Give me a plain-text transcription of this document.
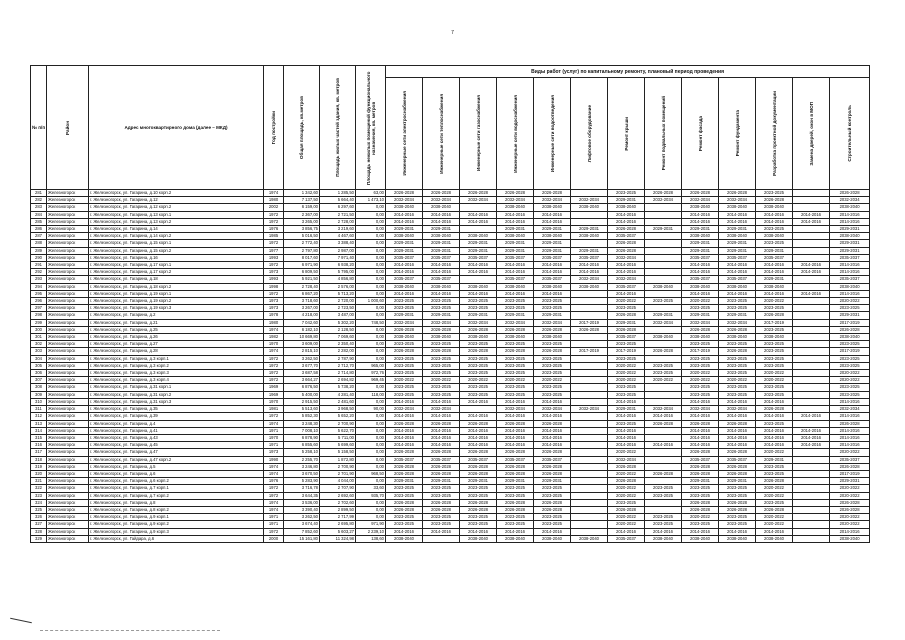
7
№ п/п	Район	Адрес многоквартирного дома (далее – МКД)	Год постройки	Общая площадь, кв.метров	Площадь жилых частей здания, кв. метров	Площадь нежилых помещений функционального назначения, кв. метров	Виды работ (услуг) по капитальному ремонту, плановый период проведения												

							Инженерные сети электроснабжения	Инженерные сети теплоснабжения	Инженерные сети газоснабжения	Инженерные сети водоснабжения	Инженерные сети водоотведения	Лифтовое оборудование	Ремонт крыши	Ремонт подвальных помещений	Ремонт фасада	Ремонт фундамента	Разработка проектной документации	Замена дверей, окон в МОП	Строительный контроль

281	Железногорск	г. Железногорск, ул. Гагарина, д.10 корп.2	1974	1 342,60	1 285,50	63,00	2026-2028	2026-2028	2026-2028	2026-2028	2026-2028		2023-2025	2026-2028	2026-2028	2026-2028	2023-2025		2026-2028
282	Железногорск	г. Железногорск, ул. Гагарина, д.12	1980	7 137,50	5 664,40	1 473,10	2032-2034	2032-2034	2032-2034	2032-2034	2032-2034	2032-2034	2029-2031	2032-2034	2032-2034	2032-2034	2026-2028		2032-2034
283	Железногорск	г. Железногорск, ул. Гагарина, д.12 корп.2	2002	6 159,00	6 297,60	0,00	2038-2040	2038-2040		2038-2040	2038-2040	2038-2040	2038-2040		2038-2040	2038-2040	2038-2040		2038-2040
284	Железногорск	г. Железногорск, ул. Гагарина, д.13 корп.1	1972	2 367,00	2 721,50	0,00	2014-2016	2014-2016	2014-2016	2014-2016	2014-2016		2014-2016		2014-2016	2014-2016	2014-2016	2014-2016	2014-2016
285	Железногорск	г. Железногорск, ул. Гагарина, д.13 корп.2	1972	3 265,00	2 728,00	0,00	2014-2016	2014-2016	2014-2016	2014-2016	2014-2016		2014-2016		2014-2016	2014-2016	2014-2016	2014-2016	2014-2016
286	Железногорск	г. Железногорск, ул. Гагарина, д.14	1976	3 856,75	3 219,60	0,00	2029-2031	2029-2031		2029-2031	2029-2031	2029-2031	2026-2028	2029-2031	2029-2031	2029-2031	2023-2025		2029-2031
287	Железногорск	г. Железногорск, ул. Гагарина, д.14 корп.2	1985	5 016,50	4 467,60	0,00	2038-2040	2038-2040	2038-2040	2038-2040	2038-2040	2038-2040	2035-2037		2038-2040	2038-2040	2038-2040		2038-2040
288	Железногорск	г. Железногорск, ул. Гагарина, д.15 корп.1	1972	2 772,40	3 388,40	0,00	2029-2031	2029-2031	2029-2031	2029-2031	2029-2031		2026-2028		2029-2031	2029-2031	2023-2025		2029-2031
289	Железногорск	г. Железногорск, ул. Гагарина, д.15 корп.2	1977	2 797,80	2 987,00	0,00	2029-2031	2029-2031	2029-2031	2029-2031	2029-2031	2029-2031	2026-2028		2029-2031	2029-2031	2029-2031		2029-2031
290	Железногорск	г. Железногорск, ул. Гагарина, д.16	1993	8 017,60	7 971,40	0,00	2035-2037	2035-2037	2035-2037	2035-2037	2035-2037	2035-2037	2032-2034		2035-2037	2035-2037	2035-2037		2035-2037
291	Железногорск	г. Железногорск, ул. Гагарина, д.17 корп.1	1972	6 971,90	6 938,20	0,00	2014-2016	2014-2016	2014-2016	2014-2016	2014-2016	2014-2016	2014-2016		2014-2016	2014-2016	2014-2016	2014-2016	2014-2016
292	Железногорск	г. Железногорск, ул. Гагарина, д.17 корп.2	1973	6 809,50	5 795,00	0,00	2014-2016	2014-2016	2014-2016	2014-2016	2014-2016	2014-2016	2014-2016		2014-2016	2014-2016	2014-2016	2014-2016	2014-2016
293	Железногорск	г. Железногорск, ул. Гагарина, д.18	1993	5 921,50	4 856,80	0,00	2035-2037	2035-2037		2035-2037	2035-2037	2032-2034	2032-2034		2035-2037	2035-2037	2029-2031		2035-2037
294	Железногорск	г. Железногорск, ул. Гагарина, д.18 корп.2	1998	2 728,40	2 576,00	0,00	2038-2040	2038-2040	2038-2040	2038-2040	2038-2040	2038-2040	2035-2037	2038-2040	2038-2040	2038-2040	2038-2040		2038-2040
295	Железногорск	г. Железногорск, ул. Гагарина, д.19 корп.1	1972	6 867,20	5 713,20	0,00	2014-2016	2014-2016	2014-2016	2014-2016	2014-2016		2014-2016		2014-2016	2014-2016	2014-2016	2014-2016	2014-2016
296	Железногорск	г. Железногорск, ул. Гагарина, д.19 корп.2	1973	3 718,60	2 720,00	1 000,60	2023-2025	2023-2025	2023-2025	2023-2025	2023-2025		2020-2022	2023-2025	2020-2022	2023-2025	2020-2022		2020-2022
297	Железногорск	г. Железногорск, ул. Гагарина, д.19 корп.3	1973	3 267,00	2 723,50	0,00	2023-2025	2023-2025	2023-2025	2023-2025	2023-2025		2023-2025		2023-2025	2023-2025	2023-2025		2023-2025
298	Железногорск	г. Железногорск, ул. Гагарина, д.2	1978	4 218,00	3 487,00	0,00	2029-2031	2029-2031	2029-2031	2029-2031	2029-2031		2026-2028	2029-2031	2029-2031	2029-2031	2026-2028		2029-2031
299	Железногорск	г. Железногорск, ул. Гагарина, д.21	1980	7 042,60	5 302,20	748,50	2032-2034	2032-2034	2032-2034	2032-2034	2032-2034	2017-2019	2029-2031	2032-2034	2032-2034	2032-2034	2017-2019		2017-2019
300	Железногорск	г. Железногорск, ул. Гагарина, д.25	1974	6 182,10	2 128,50	0,00	2026-2028	2026-2028	2026-2028	2026-2028	2026-2028	2026-2028	2026-2028		2026-2028	2026-2028	2023-2025		2026-2028
301	Железногорск	г. Железногорск, ул. Гагарина, д.26	1982	10 669,80	7 069,60	0,00	2038-2040	2038-2040	2038-2040	2038-2040	2038-2040		2035-2037	2038-2040	2038-2040	2038-2040	2038-2040		2038-2040
302	Железногорск	г. Железногорск, ул. Гагарина, д.27	1970	3 609,00	2 350,40	0,00	2023-2025	2023-2025	2023-2025	2023-2025	2023-2025		2023-2025		2023-2025	2023-2025	2023-2025		2023-2025
303	Железногорск	г. Железногорск, ул. Гагарина, д.28	1974	2 815,10	2 282,00	0,00	2026-2028	2026-2028	2026-2028	2026-2028	2026-2028	2017-2019	2017-2019	2026-2028	2017-2019	2026-2028	2023-2025		2017-2019
304	Железногорск	г. Железногорск, ул. Гагарина, д.3 корп.1	1972	3 262,50	2 787,90	0,00	2023-2025	2023-2025	2023-2025	2023-2025	2023-2025		2023-2025		2023-2025	2023-2025	2023-2025		2023-2025
305	Железногорск	г. Железногорск, ул. Гагарина, д.3 корп.2	1972	3 677,70	2 712,70	965,00	2023-2025	2023-2025	2023-2025	2023-2025	2023-2025		2020-2022	2023-2025	2023-2025	2023-2025	2023-2025		2023-2025
306	Железногорск	г. Железногорск, ул. Гагарина, д.3 корп.3	1972	3 687,58	2 714,80	972,76	2023-2025	2023-2025	2023-2025	2023-2025	2023-2025		2020-2022	2023-2025	2020-2022	2023-2025	2020-2022		2020-2022
307	Железногорск	г. Железногорск, ул. Гагарина, д.3 корп.4	1972	3 664,27	2 694,82	969,45	2020-2022	2020-2022	2020-2022	2020-2022	2020-2022		2020-2022	2020-2022	2020-2022	2020-2022	2020-2022		2020-2022
308	Железногорск	г. Железногорск, ул. Гагарина, д.31 корп.1	1969	6 876,50	5 738,20	0,00	2023-2025	2023-2025	2023-2025	2023-2025	2023-2025		2023-2025		2023-2025	2023-2025	2023-2025		2023-2025
309	Железногорск	г. Железногорск, ул. Гагарина, д.31 корп.2	1969	5 400,00	4 281,40	118,00	2023-2025	2023-2025	2023-2025	2023-2025	2023-2025		2023-2025		2023-2025	2023-2025	2023-2025		2023-2025
310	Железногорск	г. Железногорск, ул. Гагарина, д.31 корп.3	1970	2 915,50	2 481,60	0,00	2014-2016	2014-2016	2014-2016	2014-2016	2014-2016		2014-2016		2014-2016	2014-2016	2014-2016		2014-2016
311	Железногорск	г. Железногорск, ул. Гагарина, д.35	1981	5 513,60	3 968,50	90,00	2032-2034	2032-2034		2032-2034	2032-2034	2032-2034	2029-2031	2032-2034	2032-2034	2032-2034	2026-2028		2032-2034
312	Железногорск	г. Железногорск, ул. Гагарина, д.39	1972	5 852,30	5 652,20	0,00	2014-2016	2014-2016	2014-2016	2014-2016	2014-2016		2014-2016	2014-2016	2014-2016	2014-2016	2014-2016	2014-2016	2014-2016
313	Железногорск	г. Железногорск, ул. Гагарина, д.4	1974	3 248,30	2 700,90	0,00	2026-2028	2026-2028	2026-2028	2026-2028	2026-2028		2023-2025	2026-2028	2026-2028	2026-2028	2023-2025		2026-2028
314	Железногорск	г. Железногорск, ул. Гагарина, д.41	1971	7 008,10	5 622,70	0,00	2014-2016	2014-2016	2014-2016	2014-2016	2014-2016		2014-2016		2014-2016	2014-2016	2014-2016	2014-2016	2014-2016
315	Железногорск	г. Железногорск, ул. Гагарина, д.43	1970	6 878,90	5 711,00	0,00	2014-2016	2014-2016	2014-2016	2014-2016	2014-2016		2014-2016		2014-2016	2014-2016	2014-2016	2014-2016	2014-2016
316	Железногорск	г. Железногорск, ул. Гагарина, д.45	1971	6 855,60	5 699,60	0,00	2014-2016	2014-2016	2014-2016	2014-2016	2014-2016		2014-2016	2014-2016	2014-2016	2014-2016	2014-2016	2014-2016	2014-2016
317	Железногорск	г. Железногорск, ул. Гагарина, д.47	1973	5 258,10	5 158,50	0,00	2026-2028	2026-2028	2026-2028	2026-2028	2026-2028		2020-2022		2026-2028	2026-2028	2020-2022		2020-2022
318	Железногорск	г. Железногорск, ул. Гагарина, д.47 корп.2	1990	2 255,70	1 872,80	0,00	2035-2037	2035-2037	2035-2037	2035-2037	2035-2037		2032-2034		2035-2037	2035-2037	2029-2031		2035-2037
319	Железногорск	г. Железногорск, ул. Гагарина, д.5	1974	3 246,80	2 700,90	0,00	2026-2028	2026-2028	2026-2028	2026-2028	2026-2028		2026-2028		2026-2028	2026-2028	2023-2025		2026-2028
320	Железногорск	г. Железногорск, ул. Гагарина, д.6	1974	3 670,50	2 701,90	968,50	2026-2028	2026-2028	2026-2028	2026-2028	2026-2028		2020-2022	2026-2028	2026-2028	2026-2028	2023-2025		2017-2019
321	Железногорск	г. Железногорск, ул. Гагарина, д.6 корп.2	1976	5 283,90	4 044,00	0,00	2029-2031	2029-2031	2029-2031	2029-2031	2029-2031		2026-2028		2029-2031	2029-2031	2026-2028		2029-2031
322	Железногорск	г. Железногорск, ул. Гагарина, д.7 корп.1	1972	3 716,78	2 707,90	33,60	2023-2025	2023-2025	2023-2025	2023-2025	2023-2025		2020-2022	2023-2025	2023-2025	2023-2025	2020-2022		2020-2022
323	Железногорск	г. Железногорск, ул. Гагарина, д.7 корп.2	1972	3 644,35	2 692,60	935,70	2023-2025	2023-2025	2023-2025	2023-2025	2023-2025		2020-2022	2023-2025	2023-2025	2023-2025	2020-2022		2020-2022
324	Железногорск	г. Железногорск, ул. Гагарина, д.8	1974	3 536,00	2 702,60	0,00	2026-2028	2026-2028	2026-2028	2026-2028	2026-2028		2023-2025		2026-2028	2026-2028	2023-2025		2026-2028
325	Железногорск	г. Железногорск, ул. Гагарина, д.8 корп.2	1974	3 390,40	2 899,50	0,00	2026-2028	2026-2028	2026-2028	2026-2028	2026-2028		2026-2028		2026-2028	2026-2028	2026-2028		2026-2028
326	Железногорск	г. Железногорск, ул. Гагарина, д.9 корп.1	1971	3 262,50	2 717,99	0,00	2023-2025	2023-2025	2023-2025	2023-2025	2023-2025		2020-2022	2023-2025	2020-2022	2023-2025	2020-2022		2020-2022
327	Железногорск	г. Железногорск, ул. Гагарина, д.9 корп.2	1971	3 674,40	2 695,80	971,90	2023-2025	2023-2025	2023-2025	2023-2025	2023-2025		2020-2022	2023-2025	2023-2025	2023-2025	2020-2022		2020-2022
328	Железногорск	г. Железногорск, ул. Гагарина, д.9 корп.3	1972	7 852,60	5 603,27	2 239,10	2014-2016	2014-2016	2014-2016	2014-2016	2014-2016		2014-2016	2014-2016	2014-2016	2014-2016	2014-2016		2014-2016
329	Железногорск	г. Железногорск, ул. Гайдара, д.6	2000	15 161,80	11 324,98	138,60	2038-2040		2038-2040	2038-2040	2038-2040	2038-2040	2035-2037	2038-2040	2038-2040	2038-2040	2038-2040		2038-2040
